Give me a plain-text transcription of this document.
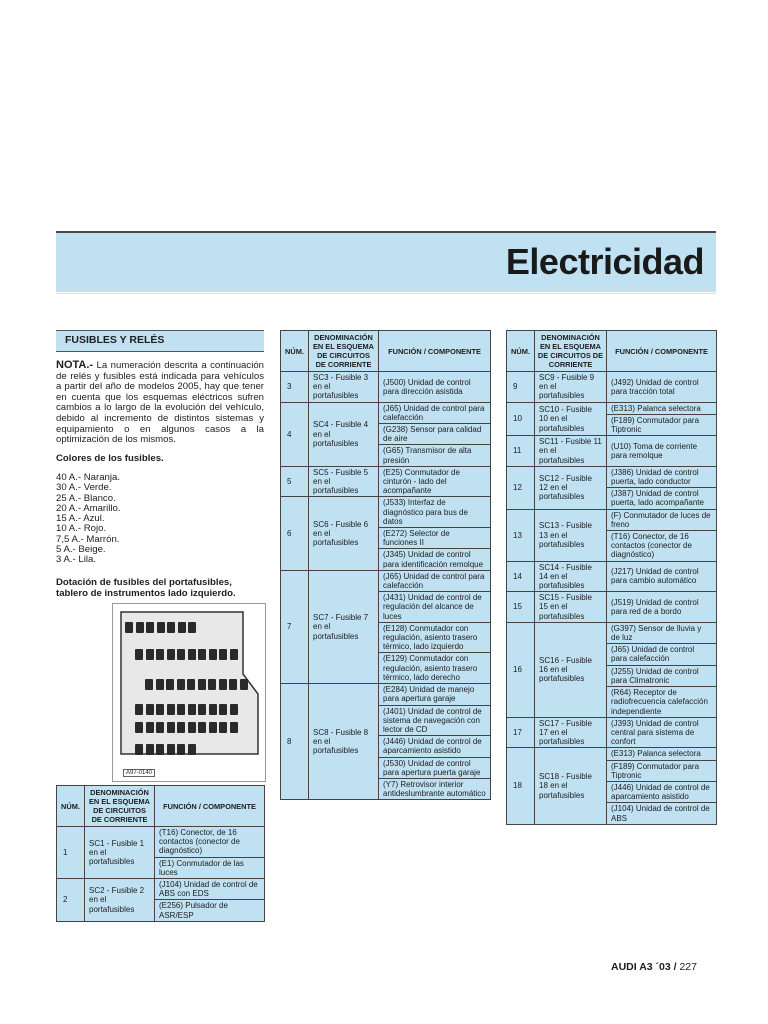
Electricidad
FUSIBLES Y RELÉS
NOTA.- La numeración descrita a continuación de relés y fusibles está indicada para vehículos a partir del año de modelos 2005, hay que tener en cuenta que los esquemas eléctricos sufren cambios a lo largo de la evolución del vehículo, debido al incremento de distintos sistemas y equipamiento o en algunos casos a la optimización de los mismos.
Colores de los fusibles.
40 A.- Naranja.
30 A.- Verde.
25 A.- Blanco.
20 A.- Amarillo.
15 A.- Azul.
10 A.- Rojo.
7,5 A.- Marrón.
5 A.- Beige.
3 A.- Lila.
Dotación de fusibles del portafusibles, tablero de instrumentos lado izquierdo.
A97-0140
NÚM.	DENOMINACIÓN EN EL ESQUEMA DE CIRCUITOS DE CORRIENTE	FUNCIÓN / COMPONENTE
1	SC1 - Fusible 1 en el portafusibles	(T16) Conector, de 16 contactos (conector de diagnóstico)
		(E1) Conmutador de las luces
2	SC2 - Fusible 2 en el portafusibles	(J104) Unidad de control de ABS con EDS
		(E256) Pulsador de ASR/ESP
NÚM.	DENOMINACIÓN EN EL ESQUEMA DE CIRCUITOS DE CORRIENTE	FUNCIÓN / COMPONENTE
3	SC3 - Fusible 3 en el portafusibles	(J500) Unidad de control para dirección asistida
4	SC4 - Fusible 4 en el portafusibles	(J65) Unidad de control para calefacción
		(G238) Sensor para calidad de aire
		(G65) Transmisor de alta presión
5	SC5 - Fusible 5 en el portafusibles	(E25) Conmutador de cinturón - lado del acompañante
6	SC6 - Fusible 6 en el portafusibles	(J533) Interfaz de diagnóstico para bus de datos
		(E272) Selector de funciones II
		(J345) Unidad de control para identificación remolque
7	SC7 - Fusible 7 en el portafusibles	(J65) Unidad de control para calefacción
		(J431) Unidad de control de regulación del alcance de luces
		(E128) Conmutador con regulación, asiento trasero térmico, lado izquierdo
		(E129) Conmutador con regulación, asiento trasero térmico, lado derecho
8	SC8 - Fusible 8 en el portafusibles	(E284) Unidad de manejo para apertura garaje
		(J401) Unidad de control de sistema de navegación con lector de CD
		(J446) Unidad de control de aparcamiento asistido
		(J530) Unidad de control para apertura puerta garaje
		(Y7) Retrovisor interior antideslumbrante automático
NÚM.	DENOMINACIÓN EN EL ESQUEMA DE CIRCUITOS DE CORRIENTE	FUNCIÓN / COMPONENTE
9	SC9 - Fusible 9 en el portafusibles	(J492) Unidad de control para tracción total
10	SC10 - Fusible 10 en el portafusibles	(E313) Palanca selectora
		(F189) Conmutador para Tiptronic
11	SC11 - Fusible 11 en el portafusibles	(U10) Toma de corriente para remolque
12	SC12 - Fusible 12 en el portafusibles	(J386) Unidad de control puerta, lado conductor
		(J387) Unidad de control puerta, lado acompañante
13	SC13 - Fusible 13 en el portafusibles	(F) Conmutador de luces de freno
		(T16) Conector, de 16 contactos (conector de diagnóstico)
14	SC14 - Fusible 14 en el portafusibles	(J217) Unidad de control para cambio automático
15	SC15 - Fusible 15 en el portafusibles	(J519) Unidad de control para red de a bordo
16	SC16 - Fusible 16 en el portafusibles	(G397) Sensor de lluvia y de luz
		(J65) Unidad de control para calefacción
		(J255) Unidad de control para Climatronic
		(R64) Receptor de radiofrecuencia calefacción independiente
17	SC17 - Fusible 17 en el portafusibles	(J393) Unidad de control central para sistema de confort
18	SC18 - Fusible 18 en el portafusibles	(E313) Palanca selectora
		(F189) Conmutador para Tiptronic
		(J446) Unidad de control de aparcamiento asistido
		(J104) Unidad de control de ABS
AUDI A3 ´03 / 227
